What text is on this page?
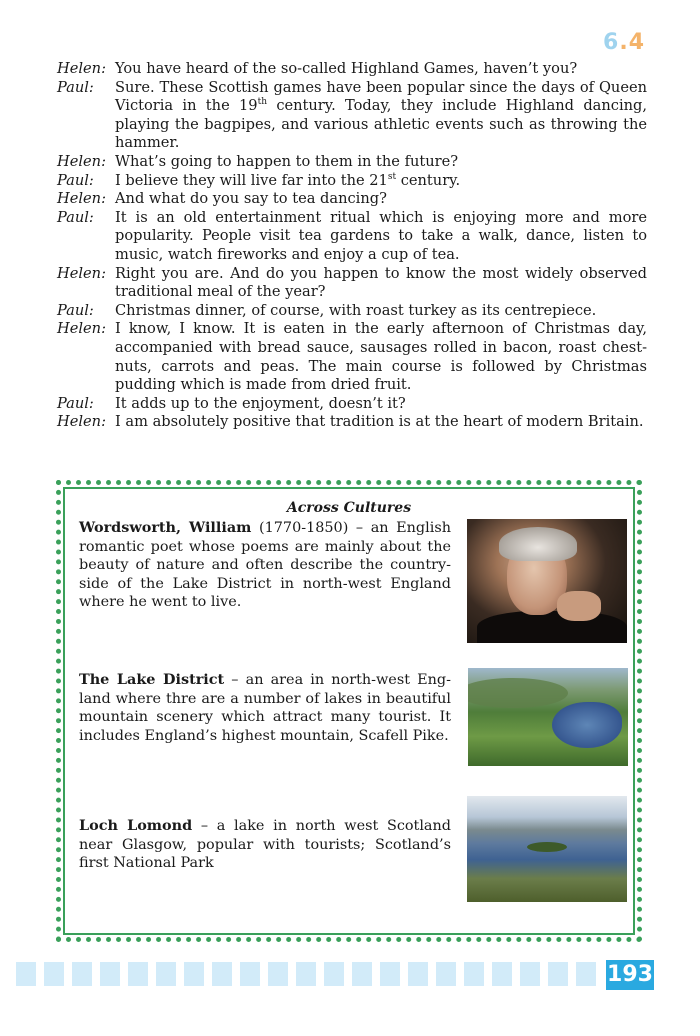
6.4
Helen: You have heard of the so-called Highland Games, haven’t you?
Paul:	Sure. These Scottish games have been popular since the days of Queen Victoria in the 19th century. Today, they include Highland dancing, playing the bagpipes, and various athletic events such as throwing the hammer.
Helen: What’s going to happen to them in the future?
Paul:	I believe they will live far into the 21st century.
Helen: And what do you say to tea dancing?
Paul:	It is an old entertainment ritual which is enjoying more and more popularity. People visit tea gardens to take a walk, dance, listen to music, watch fireworks and enjoy a cup of tea.
Helen: Right you are. And do you happen to know the most widely observed traditional meal of the year?
Paul:	Christmas dinner, of course, with roast turkey as its centrepiece.
Helen: I know, I know. It is eaten in the early afternoon of Christmas day, accompanied with bread sauce, sausages rolled in bacon, roast chestnuts, carrots and peas. The main course is followed by Christmas pudding which is made from dried fruit.
Paul:	It adds up to the enjoyment, doesn’t it?
Helen: I am absolutely positive that tradition is at the heart of modern Britain.
Across Cultures
Wordsworth, William (1770-1850) – an English romantic poet whose poems are mainly about the beauty of nature and often describe the countryside of the Lake District in north-west England where he went to live.
The Lake District – an area in north-west England where thre are a number of lakes in beautiful mountain scenery which attract many tourist. It includes England’s highest mountain, Scafell Pike.
Loch Lomond – a lake in north west Scotland near Glasgow, popular with tourists; Scotland’s first National Park
193
